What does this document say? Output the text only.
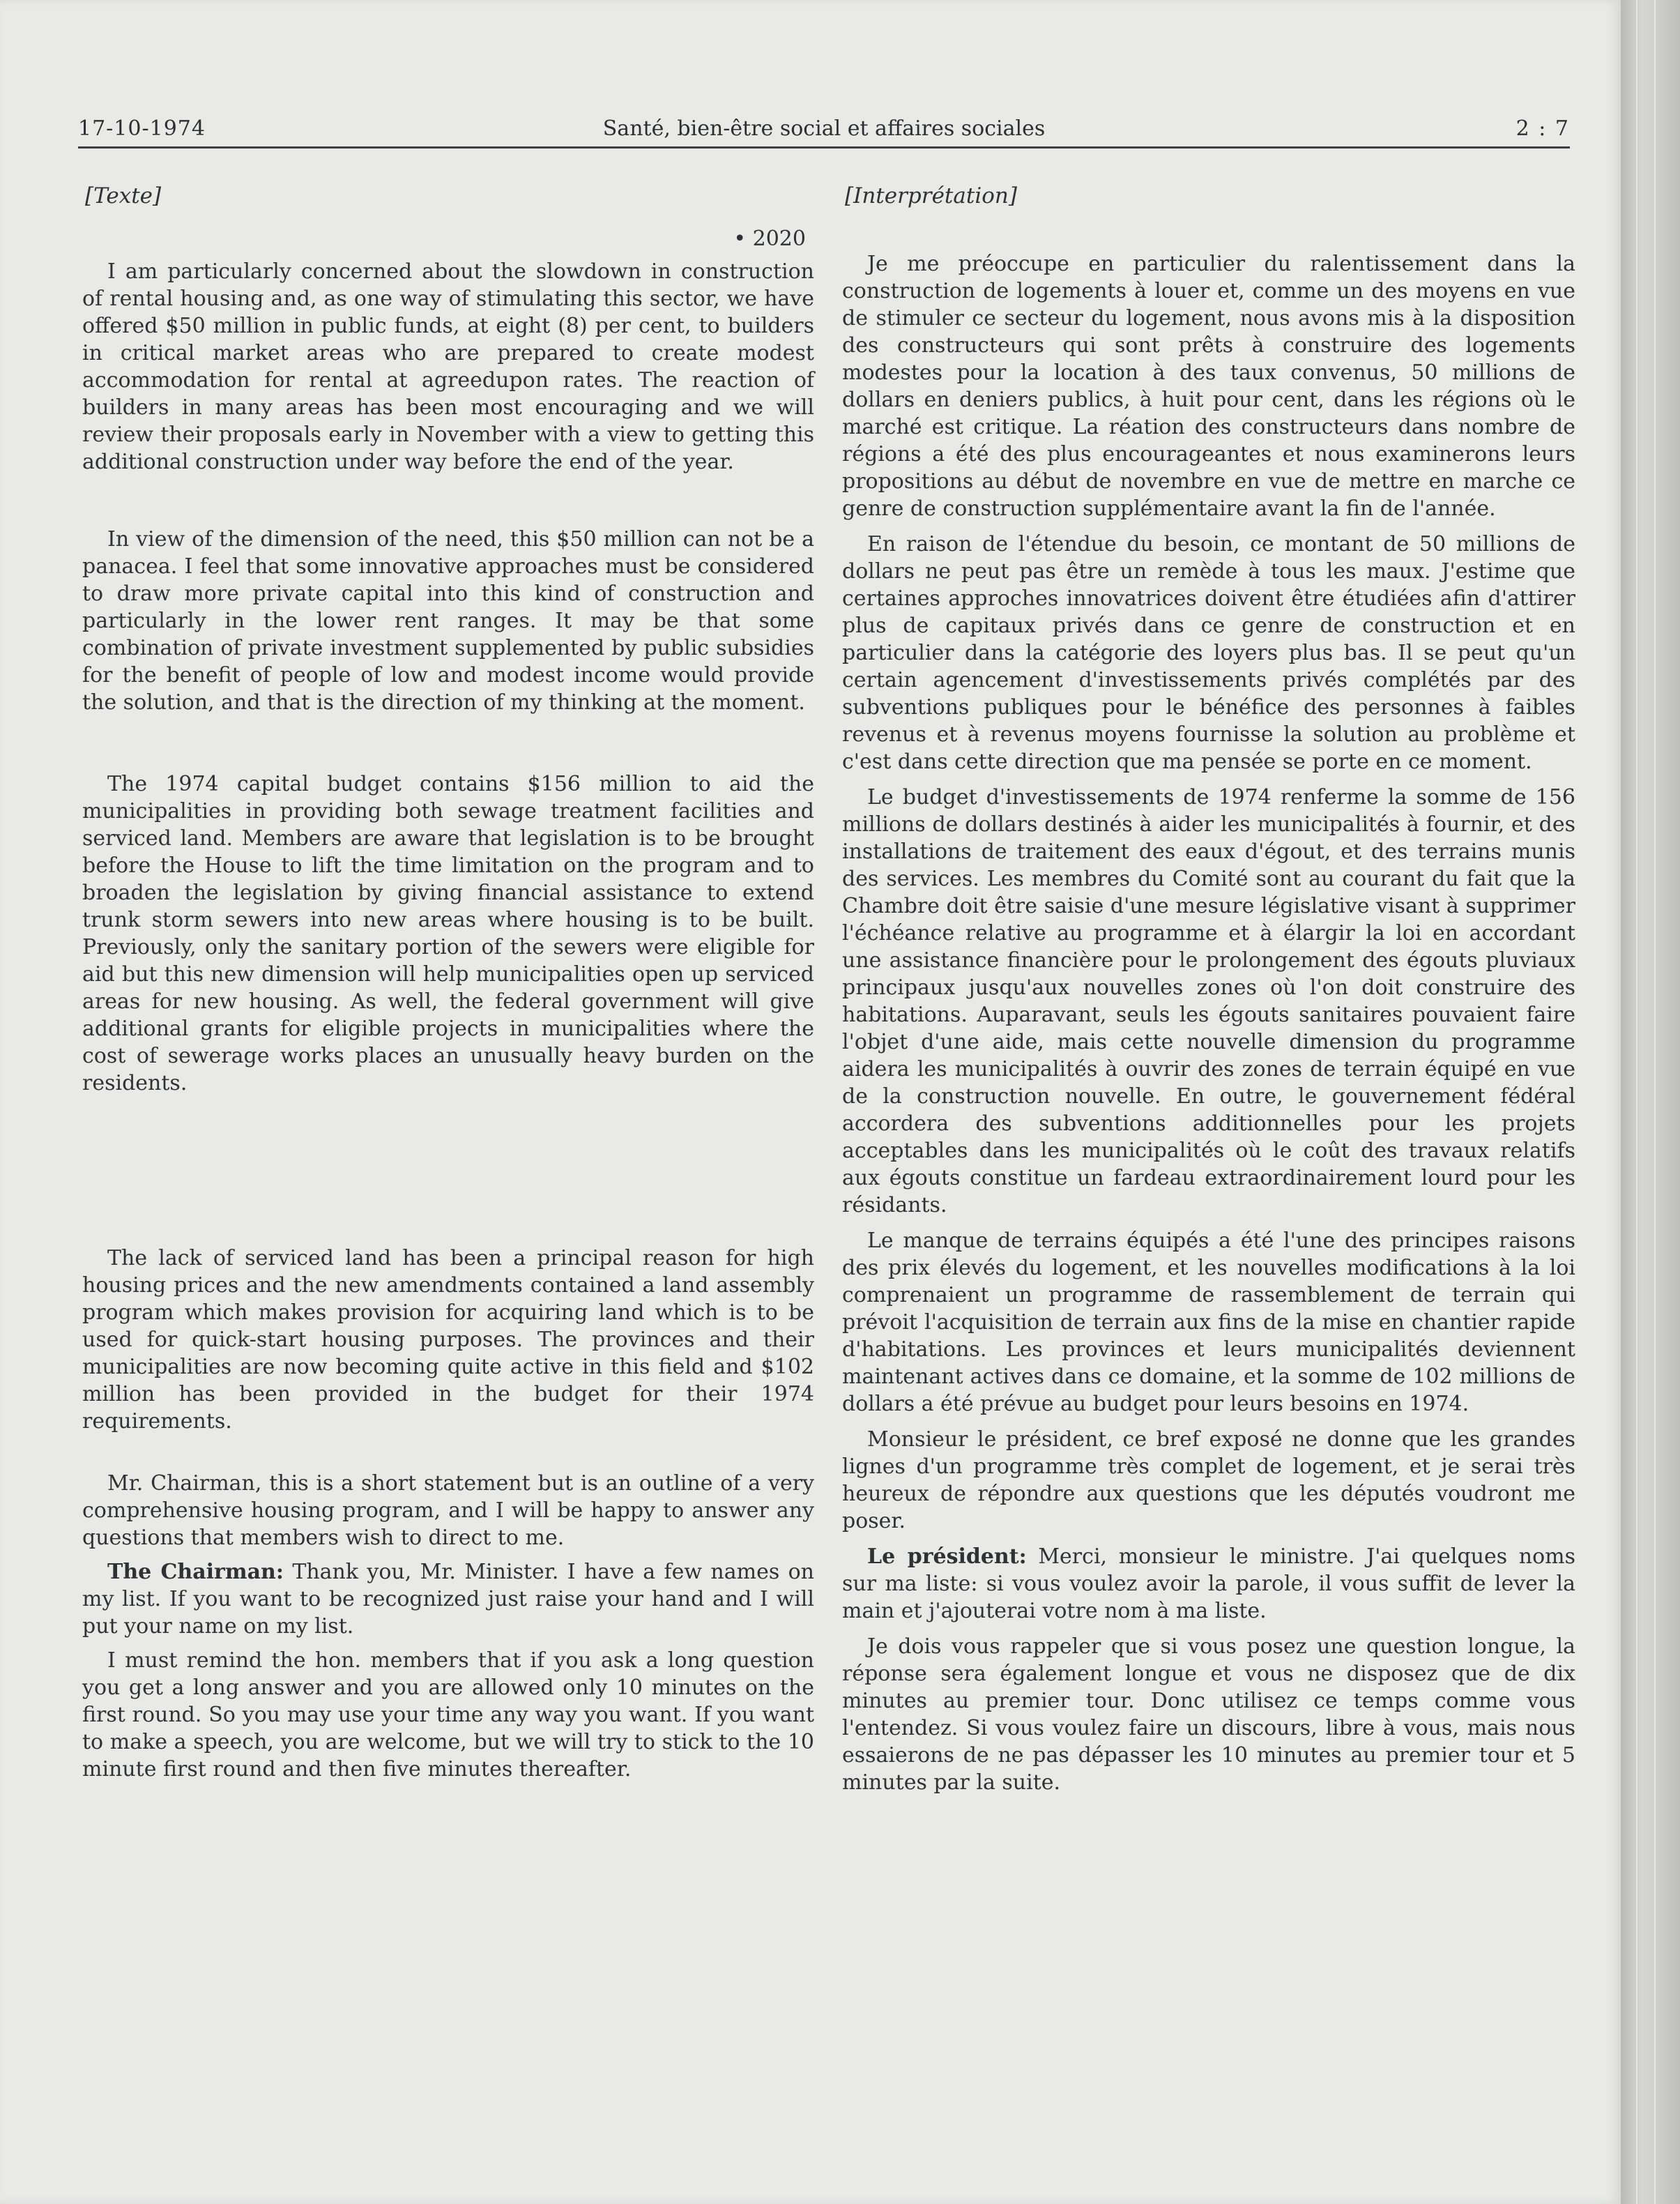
17-10-1974	Santé, bien-être social et affaires sociales	2 : 7
[Texte]
• 2020

I am particularly concerned about the slowdown in construction of rental housing and, as one way of stimulating this sector, we have offered $50 million in public funds, at eight (8) per cent, to builders in critical market areas who are prepared to create modest accommodation for rental at agreedupon rates. The reaction of builders in many areas has been most encouraging and we will review their proposals early in November with a view to getting this additional construction under way before the end of the year.

In view of the dimension of the need, this $50 million can not be a panacea. I feel that some innovative approaches must be considered to draw more private capital into this kind of construction and particularly in the lower rent ranges. It may be that some combination of private investment supplemented by public subsidies for the benefit of people of low and modest income would provide the solution, and that is the direction of my thinking at the moment.

The 1974 capital budget contains $156 million to aid the municipalities in providing both sewage treatment facilities and serviced land. Members are aware that legislation is to be brought before the House to lift the time limitation on the program and to broaden the legislation by giving financial assistance to extend trunk storm sewers into new areas where housing is to be built. Previously, only the sanitary portion of the sewers were eligible for aid but this new dimension will help municipalities open up serviced areas for new housing. As well, the federal government will give additional grants for eligible projects in municipalities where the cost of sewerage works places an unusually heavy burden on the residents.

The lack of serviced land has been a principal reason for high housing prices and the new amendments contained a land assembly program which makes provision for acquiring land which is to be used for quick-start housing purposes. The provinces and their municipalities are now becoming quite active in this field and $102 million has been provided in the budget for their 1974 requirements.

Mr. Chairman, this is a short statement but is an outline of a very comprehensive housing program, and I will be happy to answer any questions that members wish to direct to me.

The Chairman: Thank you, Mr. Minister. I have a few names on my list. If you want to be recognized just raise your hand and I will put your name on my list.

I must remind the hon. members that if you ask a long question you get a long answer and you are allowed only 10 minutes on the first round. So you may use your time any way you want. If you want to make a speech, you are welcome, but we will try to stick to the 10 minute first round and then five minutes thereafter.

[Interprétation]

Je me préoccupe en particulier du ralentissement dans la construction de logements à louer et, comme un des moyens en vue de stimuler ce secteur du logement, nous avons mis à la disposition des constructeurs qui sont prêts à construire des logements modestes pour la location à des taux convenus, 50 millions de dollars en deniers publics, à huit pour cent, dans les régions où le marché est critique. La réation des constructeurs dans nombre de régions a été des plus encourageantes et nous examinerons leurs propositions au début de novembre en vue de mettre en marche ce genre de construction supplémentaire avant la fin de l'année.

En raison de l'étendue du besoin, ce montant de 50 millions de dollars ne peut pas être un remède à tous les maux. J'estime que certaines approches innovatrices doivent être étudiées afin d'attirer plus de capitaux privés dans ce genre de construction et en particulier dans la catégorie des loyers plus bas. Il se peut qu'un certain agencement d'investissements privés complétés par des subventions publiques pour le bénéfice des personnes à faibles revenus et à revenus moyens fournisse la solution au problème et c'est dans cette direction que ma pensée se porte en ce moment.

Le budget d'investissements de 1974 renferme la somme de 156 millions de dollars destinés à aider les municipalités à fournir, et des installations de traitement des eaux d'égout, et des terrains munis des services. Les membres du Comité sont au courant du fait que la Chambre doit être saisie d'une mesure législative visant à supprimer l'échéance relative au programme et à élargir la loi en accordant une assistance financière pour le prolongement des égouts pluviaux principaux jusqu'aux nouvelles zones où l'on doit construire des habitations. Auparavant, seuls les égouts sanitaires pouvaient faire l'objet d'une aide, mais cette nouvelle dimension du programme aidera les municipalités à ouvrir des zones de terrain équipé en vue de la construction nouvelle. En outre, le gouvernement fédéral accordera des subventions additionnelles pour les projets acceptables dans les municipalités où le coût des travaux relatifs aux égouts constitue un fardeau extraordinairement lourd pour les résidants.

Le manque de terrains équipés a été l'une des principes raisons des prix élevés du logement, et les nouvelles modifications à la loi comprenaient un programme de rassemblement de terrain qui prévoit l'acquisition de terrain aux fins de la mise en chantier rapide d'habitations. Les provinces et leurs municipalités deviennent maintenant actives dans ce domaine, et la somme de 102 millions de dollars a été prévue au budget pour leurs besoins en 1974.

Monsieur le président, ce bref exposé ne donne que les grandes lignes d'un programme très complet de logement, et je serai très heureux de répondre aux questions que les députés voudront me poser.

Le président: Merci, monsieur le ministre. J'ai quelques noms sur ma liste: si vous voulez avoir la parole, il vous suffit de lever la main et j'ajouterai votre nom à ma liste.

Je dois vous rappeler que si vous posez une question longue, la réponse sera également longue et vous ne disposez que de dix minutes au premier tour. Donc utilisez ce temps comme vous l'entendez. Si vous voulez faire un discours, libre à vous, mais nous essaierons de ne pas dépasser les 10 minutes au premier tour et 5 minutes par la suite.
